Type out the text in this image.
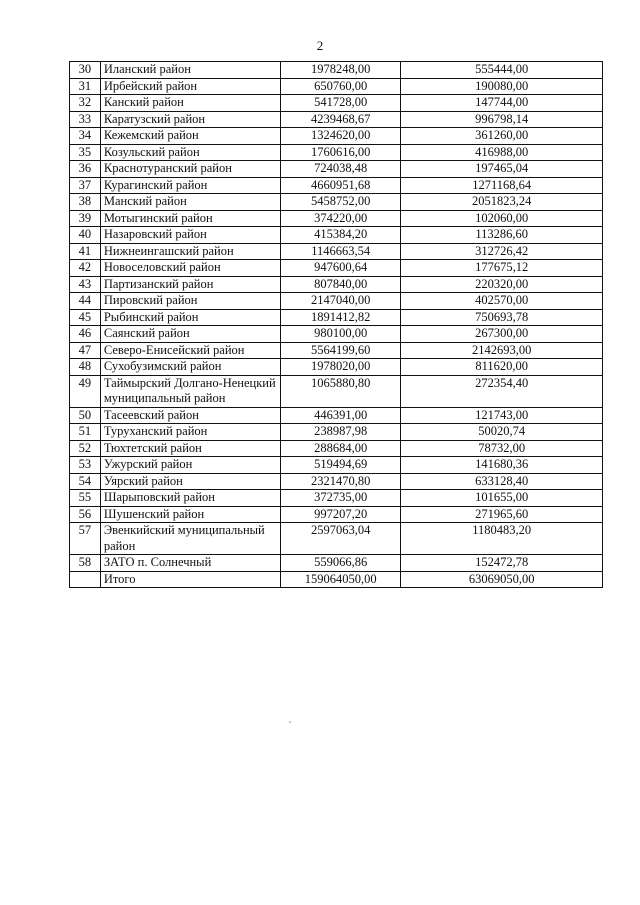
2
30	Иланский район	1978248,00	555444,00
31	Ирбейский район	650760,00	190080,00
32	Канский район	541728,00	147744,00
33	Каратузский район	4239468,67	996798,14
34	Кежемский район	1324620,00	361260,00
35	Козульский район	1760616,00	416988,00
36	Краснотуранский район	724038,48	197465,04
37	Курагинский район	4660951,68	1271168,64
38	Манский район	5458752,00	2051823,24
39	Мотыгинский район	374220,00	102060,00
40	Назаровский район	415384,20	113286,60
41	Нижнеингашский район	1146663,54	312726,42
42	Новоселовский район	947600,64	177675,12
43	Партизанский район	807840,00	220320,00
44	Пировский район	2147040,00	402570,00
45	Рыбинский район	1891412,82	750693,78
46	Саянский район	980100,00	267300,00
47	Северо-Енисейский район	5564199,60	2142693,00
48	Сухобузимский район	1978020,00	811620,00
49	Таймырский Долгано-Ненецкий муниципальный район	1065880,80	272354,40
50	Тасеевский район	446391,00	121743,00
51	Туруханский район	238987,98	50020,74
52	Тюхтетский район	288684,00	78732,00
53	Ужурский район	519494,69	141680,36
54	Уярский район	2321470,80	633128,40
55	Шарыповский район	372735,00	101655,00
56	Шушенский район	997207,20	271965,60
57	Эвенкийский муниципальный район	2597063,04	1180483,20
58	ЗАТО п. Солнечный	559066,86	152472,78
	Итого	159064050,00	63069050,00
